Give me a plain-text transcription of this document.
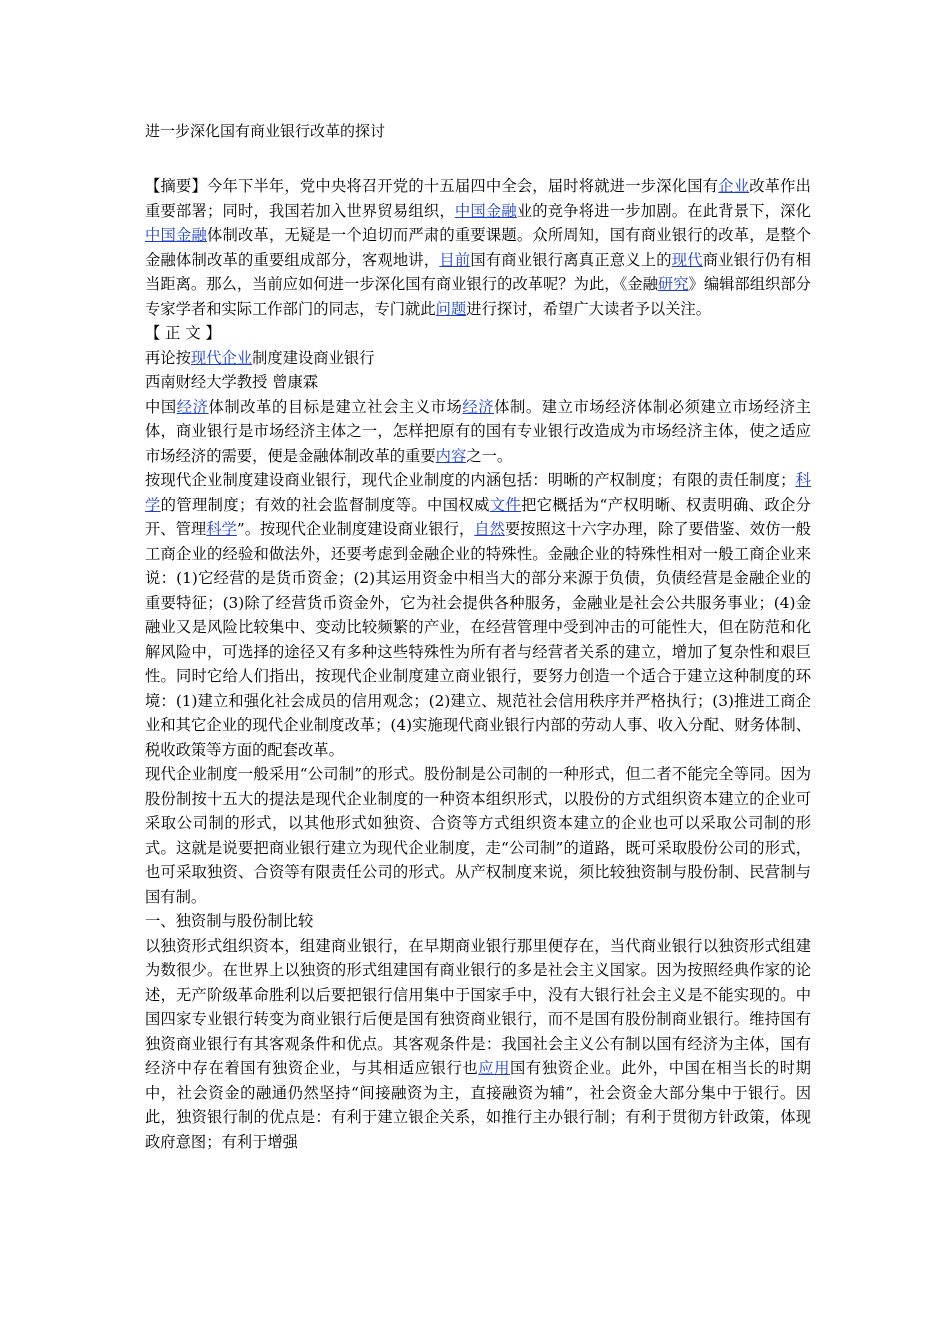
进一步深化国有商业银行改革的探讨

【摘要】今年下半年，党中央将召开党的十五届四中全会，届时将就进一步深化国有企业改革作出重要部署；同时，我国若加入世界贸易组织，中国金融业的竞争将进一步加剧。在此背景下，深化中国金融体制改革，无疑是一个迫切而严肃的重要课题。众所周知，国有商业银行的改革，是整个金融体制改革的重要组成部分，客观地讲，目前国有商业银行离真正意义上的现代商业银行仍有相当距离。那么，当前应如何进一步深化国有商业银行的改革呢？为此，《金融研究》编辑部组织部分专家学者和实际工作部门的同志，专门就此问题进行探讨，希望广大读者予以关注。

【 正 文 】

再论按现代企业制度建设商业银行

西南财经大学教授 曾康霖

中国经济体制改革的目标是建立社会主义市场经济体制。建立市场经济体制必须建立市场经济主体，商业银行是市场经济主体之一，怎样把原有的国有专业银行改造成为市场经济主体，使之适应市场经济的需要，便是金融体制改革的重要内容之一。

按现代企业制度建设商业银行，现代企业制度的内涵包括：明晰的产权制度；有限的责任制度；科学的管理制度；有效的社会监督制度等。中国权威文件把它概括为“产权明晰、权责明确、政企分开、管理科学”。按现代企业制度建设商业银行，自然要按照这十六字办理，除了要借鉴、效仿一般工商企业的经验和做法外，还要考虑到金融企业的特殊性。金融企业的特殊性相对一般工商企业来说：(1)它经营的是货币资金；(2)其运用资金中相当大的部分来源于负债，负债经营是金融企业的重要特征；(3)除了经营货币资金外，它为社会提供各种服务，金融业是社会公共服务事业；(4)金融业又是风险比较集中、变动比较频繁的产业，在经营管理中受到冲击的可能性大，但在防范和化解风险中，可选择的途径又有多种这些特殊性为所有者与经营者关系的建立，增加了复杂性和艰巨性。同时它给人们指出，按现代企业制度建立商业银行，要努力创造一个适合于建立这种制度的环境：(1)建立和强化社会成员的信用观念；(2)建立、规范社会信用秩序并严格执行；(3)推进工商企业和其它企业的现代企业制度改革；(4)实施现代商业银行内部的劳动人事、收入分配、财务体制、税收政策等方面的配套改革。

现代企业制度一般采用“公司制”的形式。股份制是公司制的一种形式，但二者不能完全等同。因为股份制按十五大的提法是现代企业制度的一种资本组织形式，以股份的方式组织资本建立的企业可采取公司制的形式，以其他形式如独资、合资等方式组织资本建立的企业也可以采取公司制的形式。这就是说要把商业银行建立为现代企业制度，走“公司制”的道路，既可采取股份公司的形式，也可采取独资、合资等有限责任公司的形式。从产权制度来说，须比较独资制与股份制、民营制与国有制。

一、独资制与股份制比较

以独资形式组织资本，组建商业银行，在早期商业银行那里便存在，当代商业银行以独资形式组建为数很少。在世界上以独资的形式组建国有商业银行的多是社会主义国家。因为按照经典作家的论述，无产阶级革命胜利以后要把银行信用集中于国家手中，没有大银行社会主义是不能实现的。中国四家专业银行转变为商业银行后便是国有独资商业银行，而不是国有股份制商业银行。维持国有独资商业银行有其客观条件和优点。其客观条件是：我国社会主义公有制以国有经济为主体，国有经济中存在着国有独资企业，与其相适应银行也应用国有独资企业。此外，中国在相当长的时期中，社会资金的融通仍然坚持“间接融资为主，直接融资为辅”，社会资金大部分集中于银行。因此，独资银行制的优点是：有利于建立银企关系，如推行主办银行制；有利于贯彻方针政策，体现政府意图；有利于增强
